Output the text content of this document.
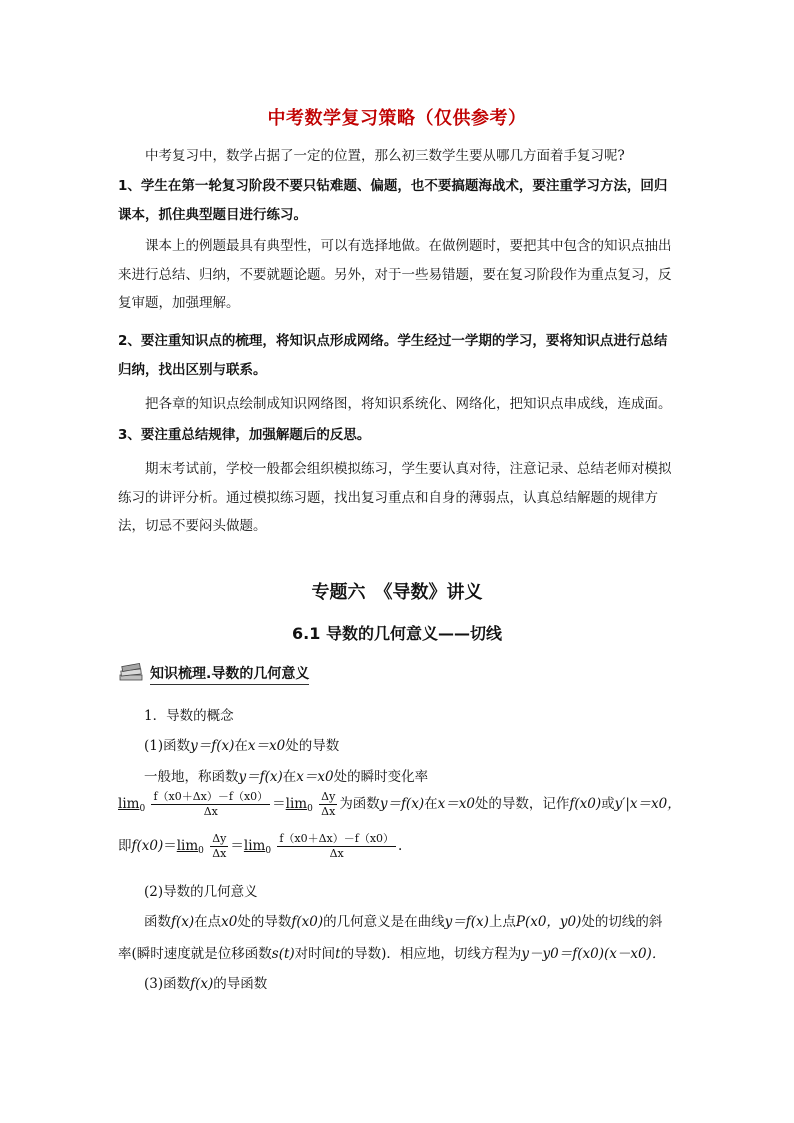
中考数学复习策略（仅供参考）
中考复习中，数学占据了一定的位置，那么初三数学生要从哪几方面着手复习呢?
1、学生在第一轮复习阶段不要只钻难题、偏题，也不要搞题海战术，要注重学习方法，回归课本，抓住典型题目进行练习。
课本上的例题最具有典型性，可以有选择地做。在做例题时，要把其中包含的知识点抽出来进行总结、归纳，不要就题论题。另外，对于一些易错题，要在复习阶段作为重点复习，反复审题，加强理解。
2、要注重知识点的梳理，将知识点形成网络。学生经过一学期的学习，要将知识点进行总结归纳，找出区别与联系。
把各章的知识点绘制成知识网络图，将知识系统化、网络化，把知识点串成线，连成面。
3、要注重总结规律，加强解题后的反思。
期末考试前，学校一般都会组织模拟练习，学生要认真对待，注意记录、总结老师对模拟练习的讲评分析。通过模拟练习题，找出复习重点和自身的薄弱点，认真总结解题的规律方法，切忌不要闷头做题。
专题六　《导数》讲义
6.1 导数的几何意义——切线
知识梳理.导数的几何意义
1．导数的概念
(1)函数y＝f(x)在x＝x0处的导数
一般地，称函数y＝f(x)在x＝x0处的瞬时变化率
$\lim_0 \frac{f(x0+\Delta x)-f(x0)}{\Delta x} =\lim_0 \frac{\Delta y}{\Delta x}$ 为函数y＝f(x)在x＝x0处的导数，记作f(x0)或y′|x＝x0，
即$f(x0)=\lim_0 \frac{\Delta y}{\Delta x} =\lim_0 \frac{f(x0+\Delta x)-f(x0)}{\Delta x}$ .
(2)导数的几何意义
函数f(x)在点x0处的导数f(x0)的几何意义是在曲线y＝f(x)上点P(x0，y0)处的切线的斜
率(瞬时速度就是位移函数s(t)对时间t的导数)．相应地，切线方程为y－y0＝f(x0)(x－x0)．
(3)函数f(x)的导函数
